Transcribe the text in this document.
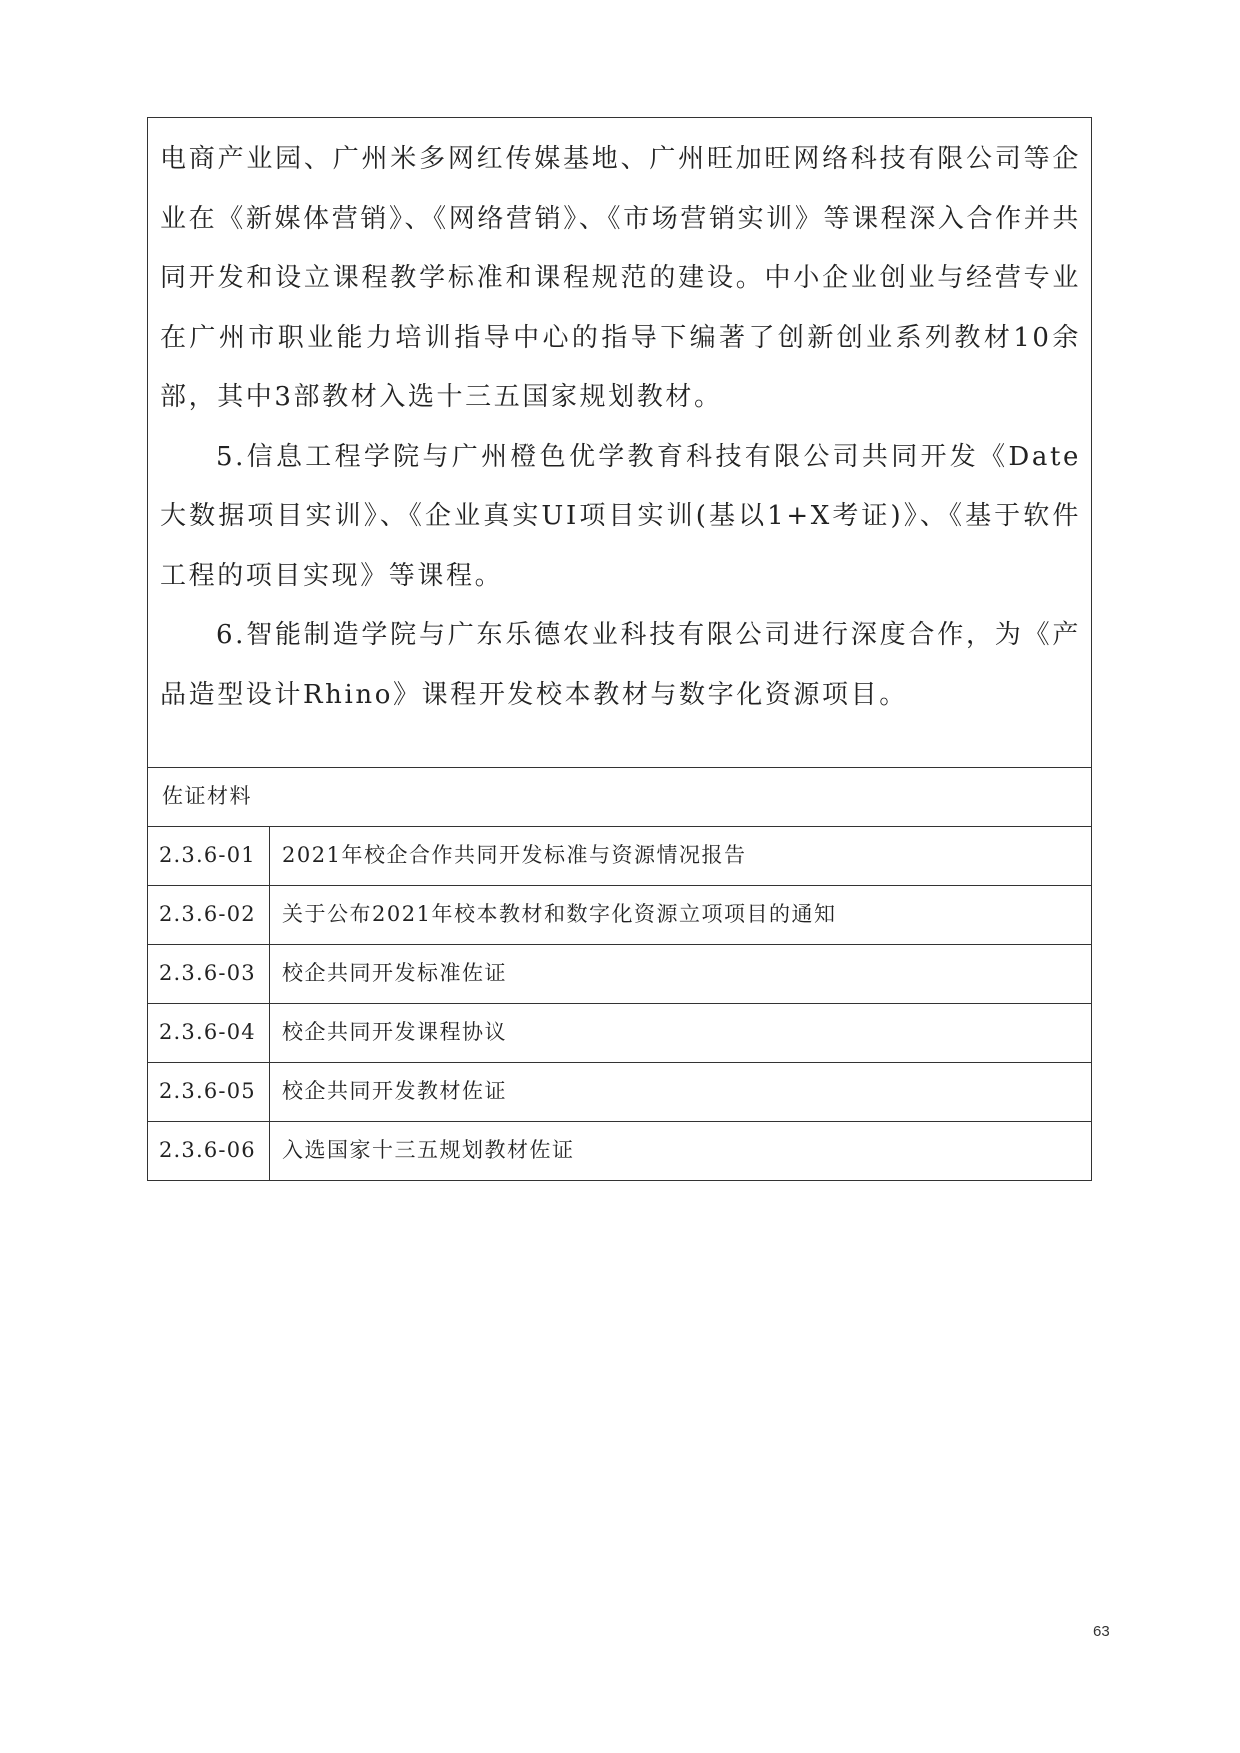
电商产业园、广州米多网红传媒基地、广州旺加旺网络科技有限公司等企业在《新媒体营销》、《网络营销》、《市场营销实训》等课程深入合作并共同开发和设立课程教学标准和课程规范的建设。中小企业创业与经营专业在广州市职业能力培训指导中心的指导下编著了创新创业系列教材10余部，其中3部教材入选十三五国家规划教材。

5.信息工程学院与广州橙色优学教育科技有限公司共同开发《Date大数据项目实训》、《企业真实UI项目实训(基以1+X考证)》、《基于软件工程的项目实现》等课程。

6.智能制造学院与广东乐德农业科技有限公司进行深度合作，为《产品造型设计Rhino》课程开发校本教材与数字化资源项目。

佐证材料
2.3.6-01	2021年校企合作共同开发标准与资源情况报告
2.3.6-02	关于公布2021年校本教材和数字化资源立项项目的通知
2.3.6-03	校企共同开发标准佐证
2.3.6-04	校企共同开发课程协议
2.3.6-05	校企共同开发教材佐证
2.3.6-06	入选国家十三五规划教材佐证
63
